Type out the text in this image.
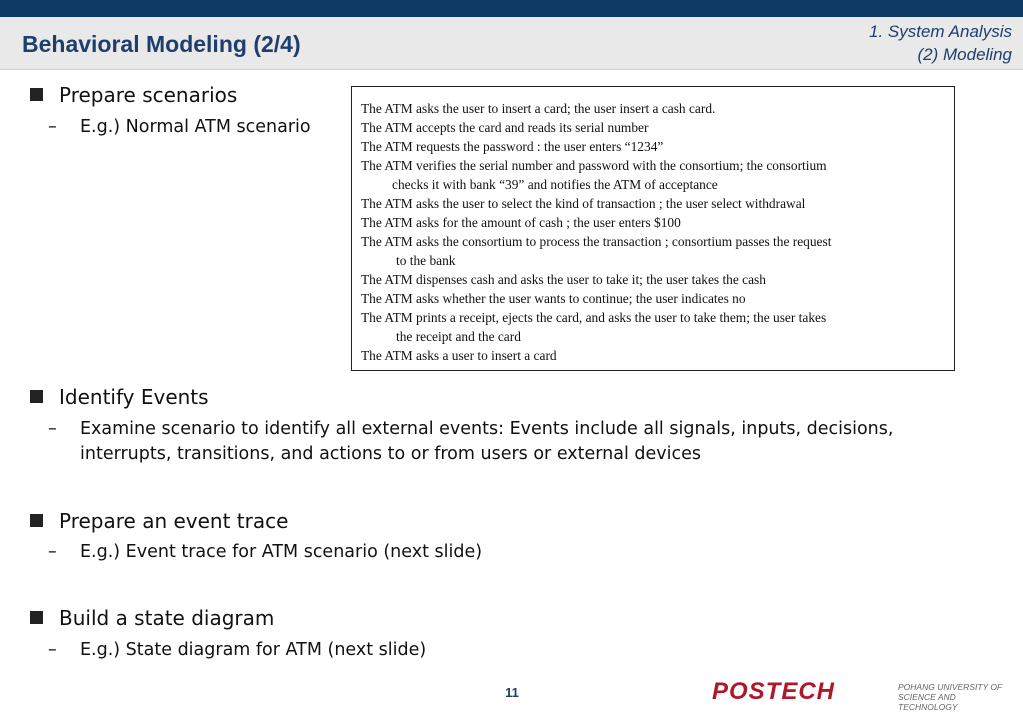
Behavioral Modeling (2/4)	1. System Analysis
(2) Modeling
Prepare scenarios
–	E.g.) Normal ATM scenario
The ATM asks the user to insert a card; the user insert a cash card.
The ATM accepts the card and reads its serial number
The ATM requests the password : the user enters “1234”
The ATM verifies the serial number and password with the consortium; the consortium
checks it with bank “39” and notifies the ATM of acceptance
The ATM asks the user to select the kind of transaction ; the user select withdrawal
The ATM asks for the amount of cash ; the user enters $100
The ATM asks the consortium to process the transaction ; consortium passes the request
to the bank
The ATM dispenses cash and asks the user to take it; the user takes the cash
The ATM asks whether the user wants to continue; the user indicates no
The ATM prints a receipt, ejects the card, and asks the user to take them; the user takes
the receipt and the card
The ATM asks a user to insert a card
Identify Events
–	Examine scenario to identify all external events: Events include all signals, inputs, decisions, interrupts, transitions, and actions to or from users or external devices
Prepare an event trace
–	E.g.) Event trace for ATM scenario (next slide)
Build a state diagram
–	E.g.) State diagram for ATM (next slide)
11	POSTECH	POHANG UNIVERSITY OF
SCIENCE AND TECHNOLOGY
